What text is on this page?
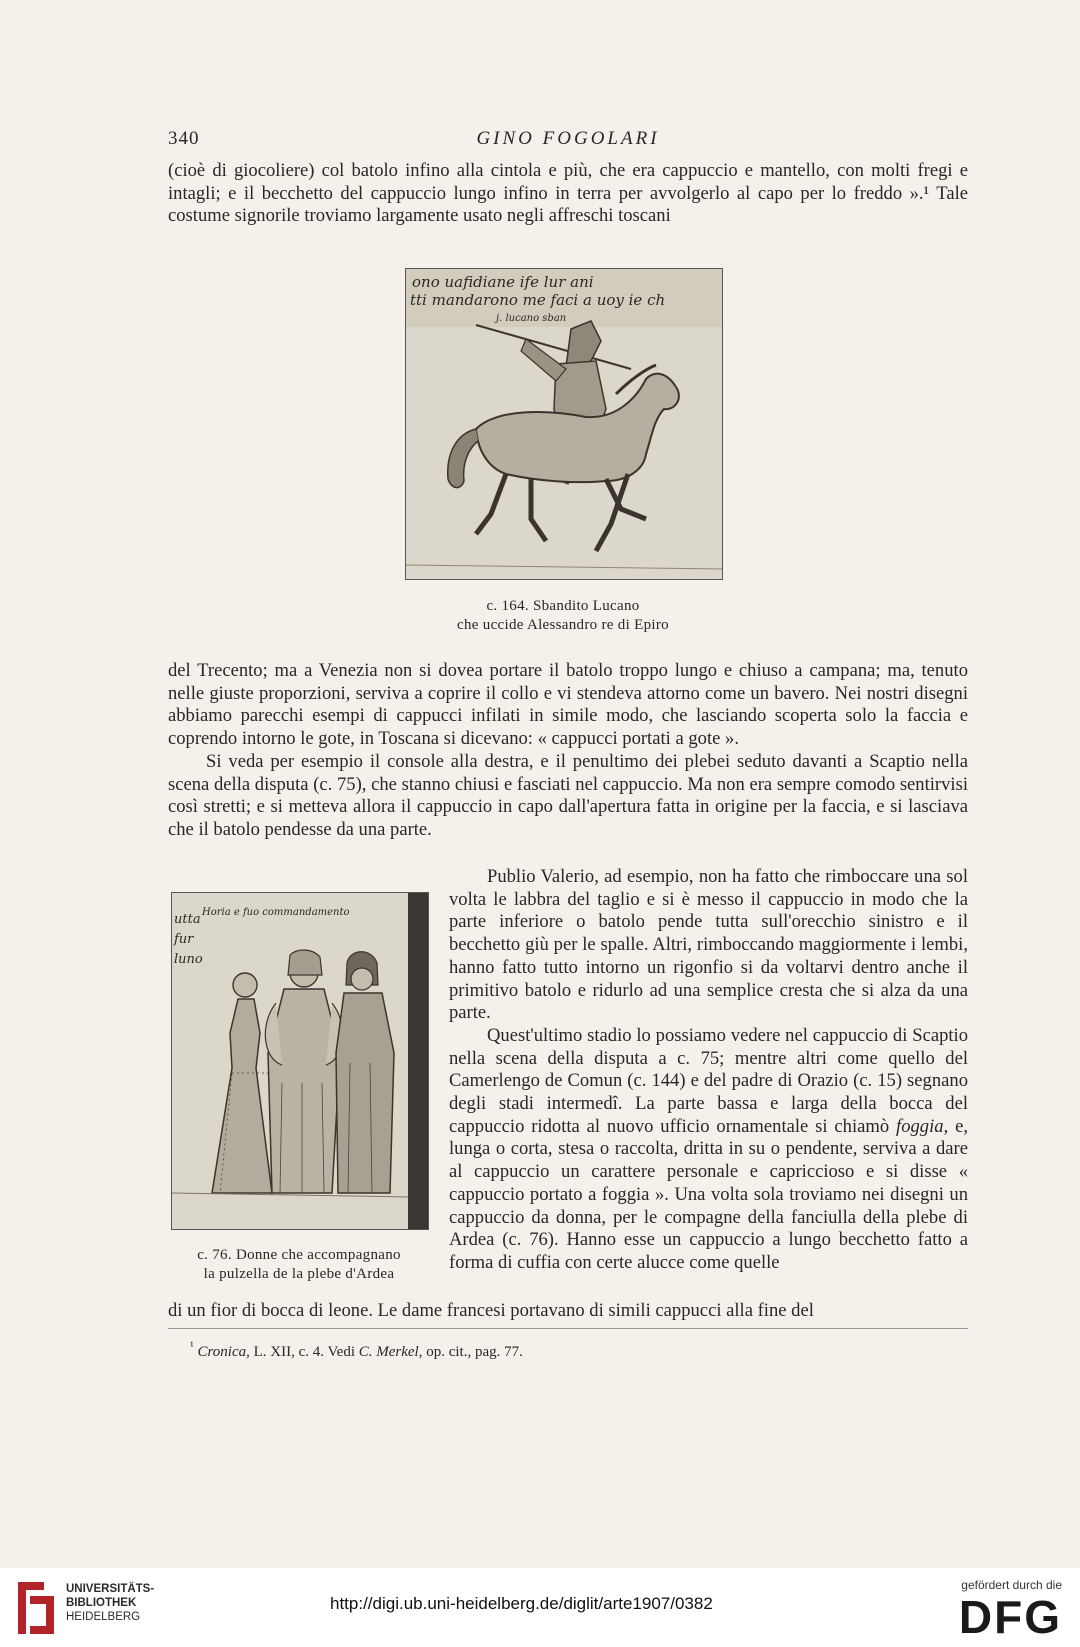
340	GINO FOGOLARI

(cioè di giocoliere) col batolo infino alla cintola e più, che era cappuccio e mantello, con molti fregi e intagli; e il becchetto del cappuccio lungo infino in terra per avvolgerlo al capo per lo freddo ».¹ Tale costume signorile troviamo largamente usato negli affreschi toscani

ono uafidiane ife lur ani
tti mandarono me faci a uoy ie ch
j. lucano sban
c. 164. Sbandito Lucano
che uccide Alessandro re di Epiro

del Trecento; ma a Venezia non si dovea portare il batolo troppo lungo e chiuso a campana; ma, tenuto nelle giuste proporzioni, serviva a coprire il collo e vi stendeva attorno come un bavero. Nei nostri disegni abbiamo parecchi esempi di cappucci infilati in simile modo, che lasciando scoperta solo la faccia e coprendo intorno le gote, in Toscana si dicevano: « cappucci portati a gote ».

Si veda per esempio il console alla destra, e il penultimo dei plebei seduto davanti a Scaptio nella scena della disputa (c. 75), che stanno chiusi e fasciati nel cappuccio. Ma non era sempre comodo sentirvisi così stretti; e si metteva allora il cappuccio in capo dall'apertura fatta in origine per la faccia, e si lasciava che il batolo pendesse da una parte.

utta
fur
luno
Horia e fuo commandamento
c. 76. Donne che accompagnano
la pulzella de la plebe d'Ardea

Publio Valerio, ad esempio, non ha fatto che rimboccare una sol volta le labbra del taglio e si è messo il cappuccio in modo che la parte inferiore o batolo pende tutta sull'orecchio sinistro e il becchetto giù per le spalle. Altri, rimboccando maggiormente i lembi, hanno fatto tutto intorno un rigonfio si da voltarvi dentro anche il primitivo batolo e ridurlo ad una semplice cresta che si alza da una parte.

Quest'ultimo stadio lo possiamo vedere nel cappuccio di Scaptio nella scena della disputa a c. 75; mentre altri come quello del Camerlengo de Comun (c. 144) e del padre di Orazio (c. 15) segnano degli stadi intermedî. La parte bassa e larga della bocca del cappuccio ridotta al nuovo ufficio ornamentale si chiamò foggia, e, lunga o corta, stesa o raccolta, dritta in su o pendente, serviva a dare al cappuccio un carattere personale e capriccioso e si disse « cappuccio portato a foggia ». Una volta sola troviamo nei disegni un cappuccio da donna, per le compagne della fanciulla della plebe di Ardea (c. 76). Hanno esse un cappuccio a lungo becchetto fatto a forma di cuffia con certe alucce come quelle

di un fior di bocca di leone. Le dame francesi portavano di simili cappucci alla fine del

$^{^1}$ Cronica, L. XII, c. 4. Vedi C. Merkel, op. cit., pag. 77.
UNIVERSITÄTS-
BIBLIOTHEK
HEIDELBERG
http://digi.ub.uni-heidelberg.de/diglit/arte1907/0382
gefördert durch die
DFG
